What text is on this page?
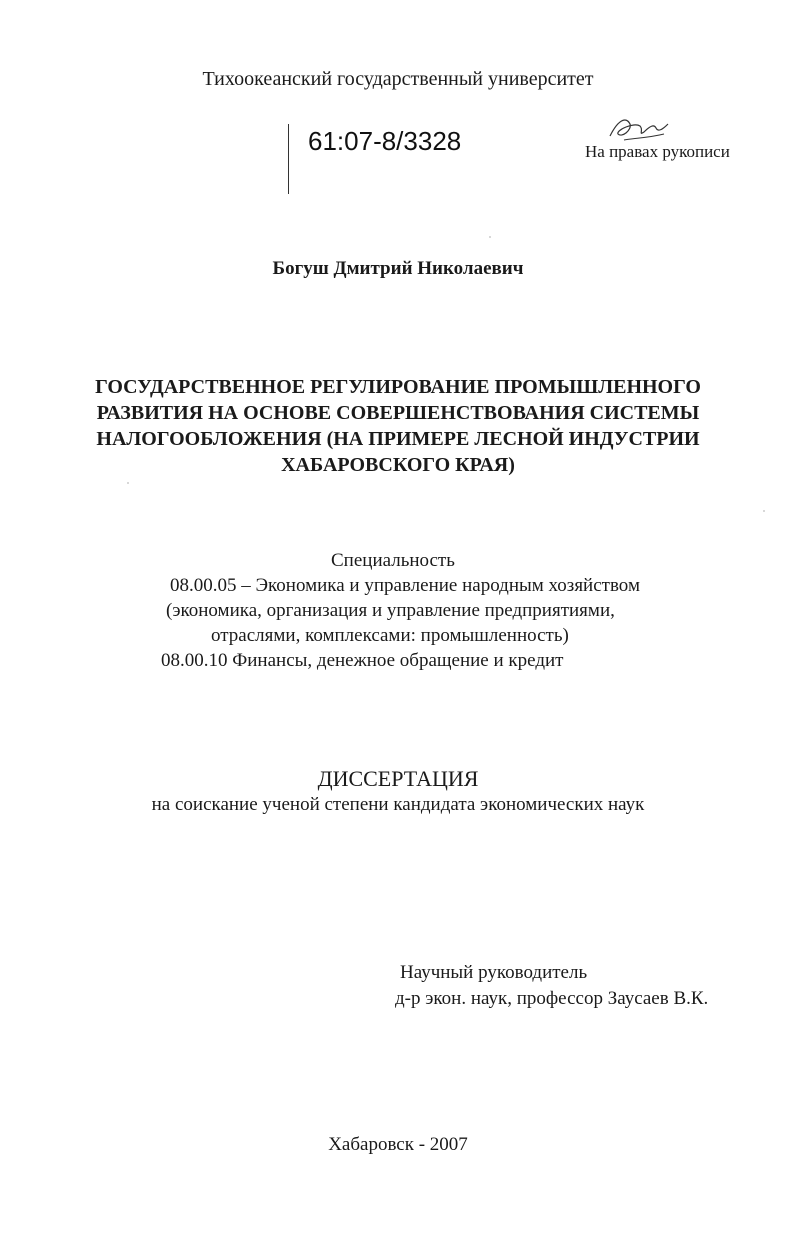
Тихоокеанский государственный университет
61:07-8/3328	На правах рукописи
Богуш Дмитрий Николаевич
ГОСУДАРСТВЕННОЕ РЕГУЛИРОВАНИЕ ПРОМЫШЛЕННОГО
РАЗВИТИЯ НА ОСНОВЕ СОВЕРШЕНСТВОВАНИЯ СИСТЕМЫ
НАЛОГООБЛОЖЕНИЯ (НА ПРИМЕРЕ ЛЕСНОЙ ИНДУСТРИИ
ХАБАРОВСКОГО КРАЯ)
Специальность
08.00.05 – Экономика и управление народным хозяйством
(экономика, организация и управление предприятиями,
отраслями, комплексами: промышленность)
08.00.10 Финансы, денежное обращение и кредит
ДИССЕРТАЦИЯ
на соискание ученой степени кандидата экономических наук
Научный руководитель
д-р экон. наук, профессор Заусаев В.К.
Хабаровск - 2007
